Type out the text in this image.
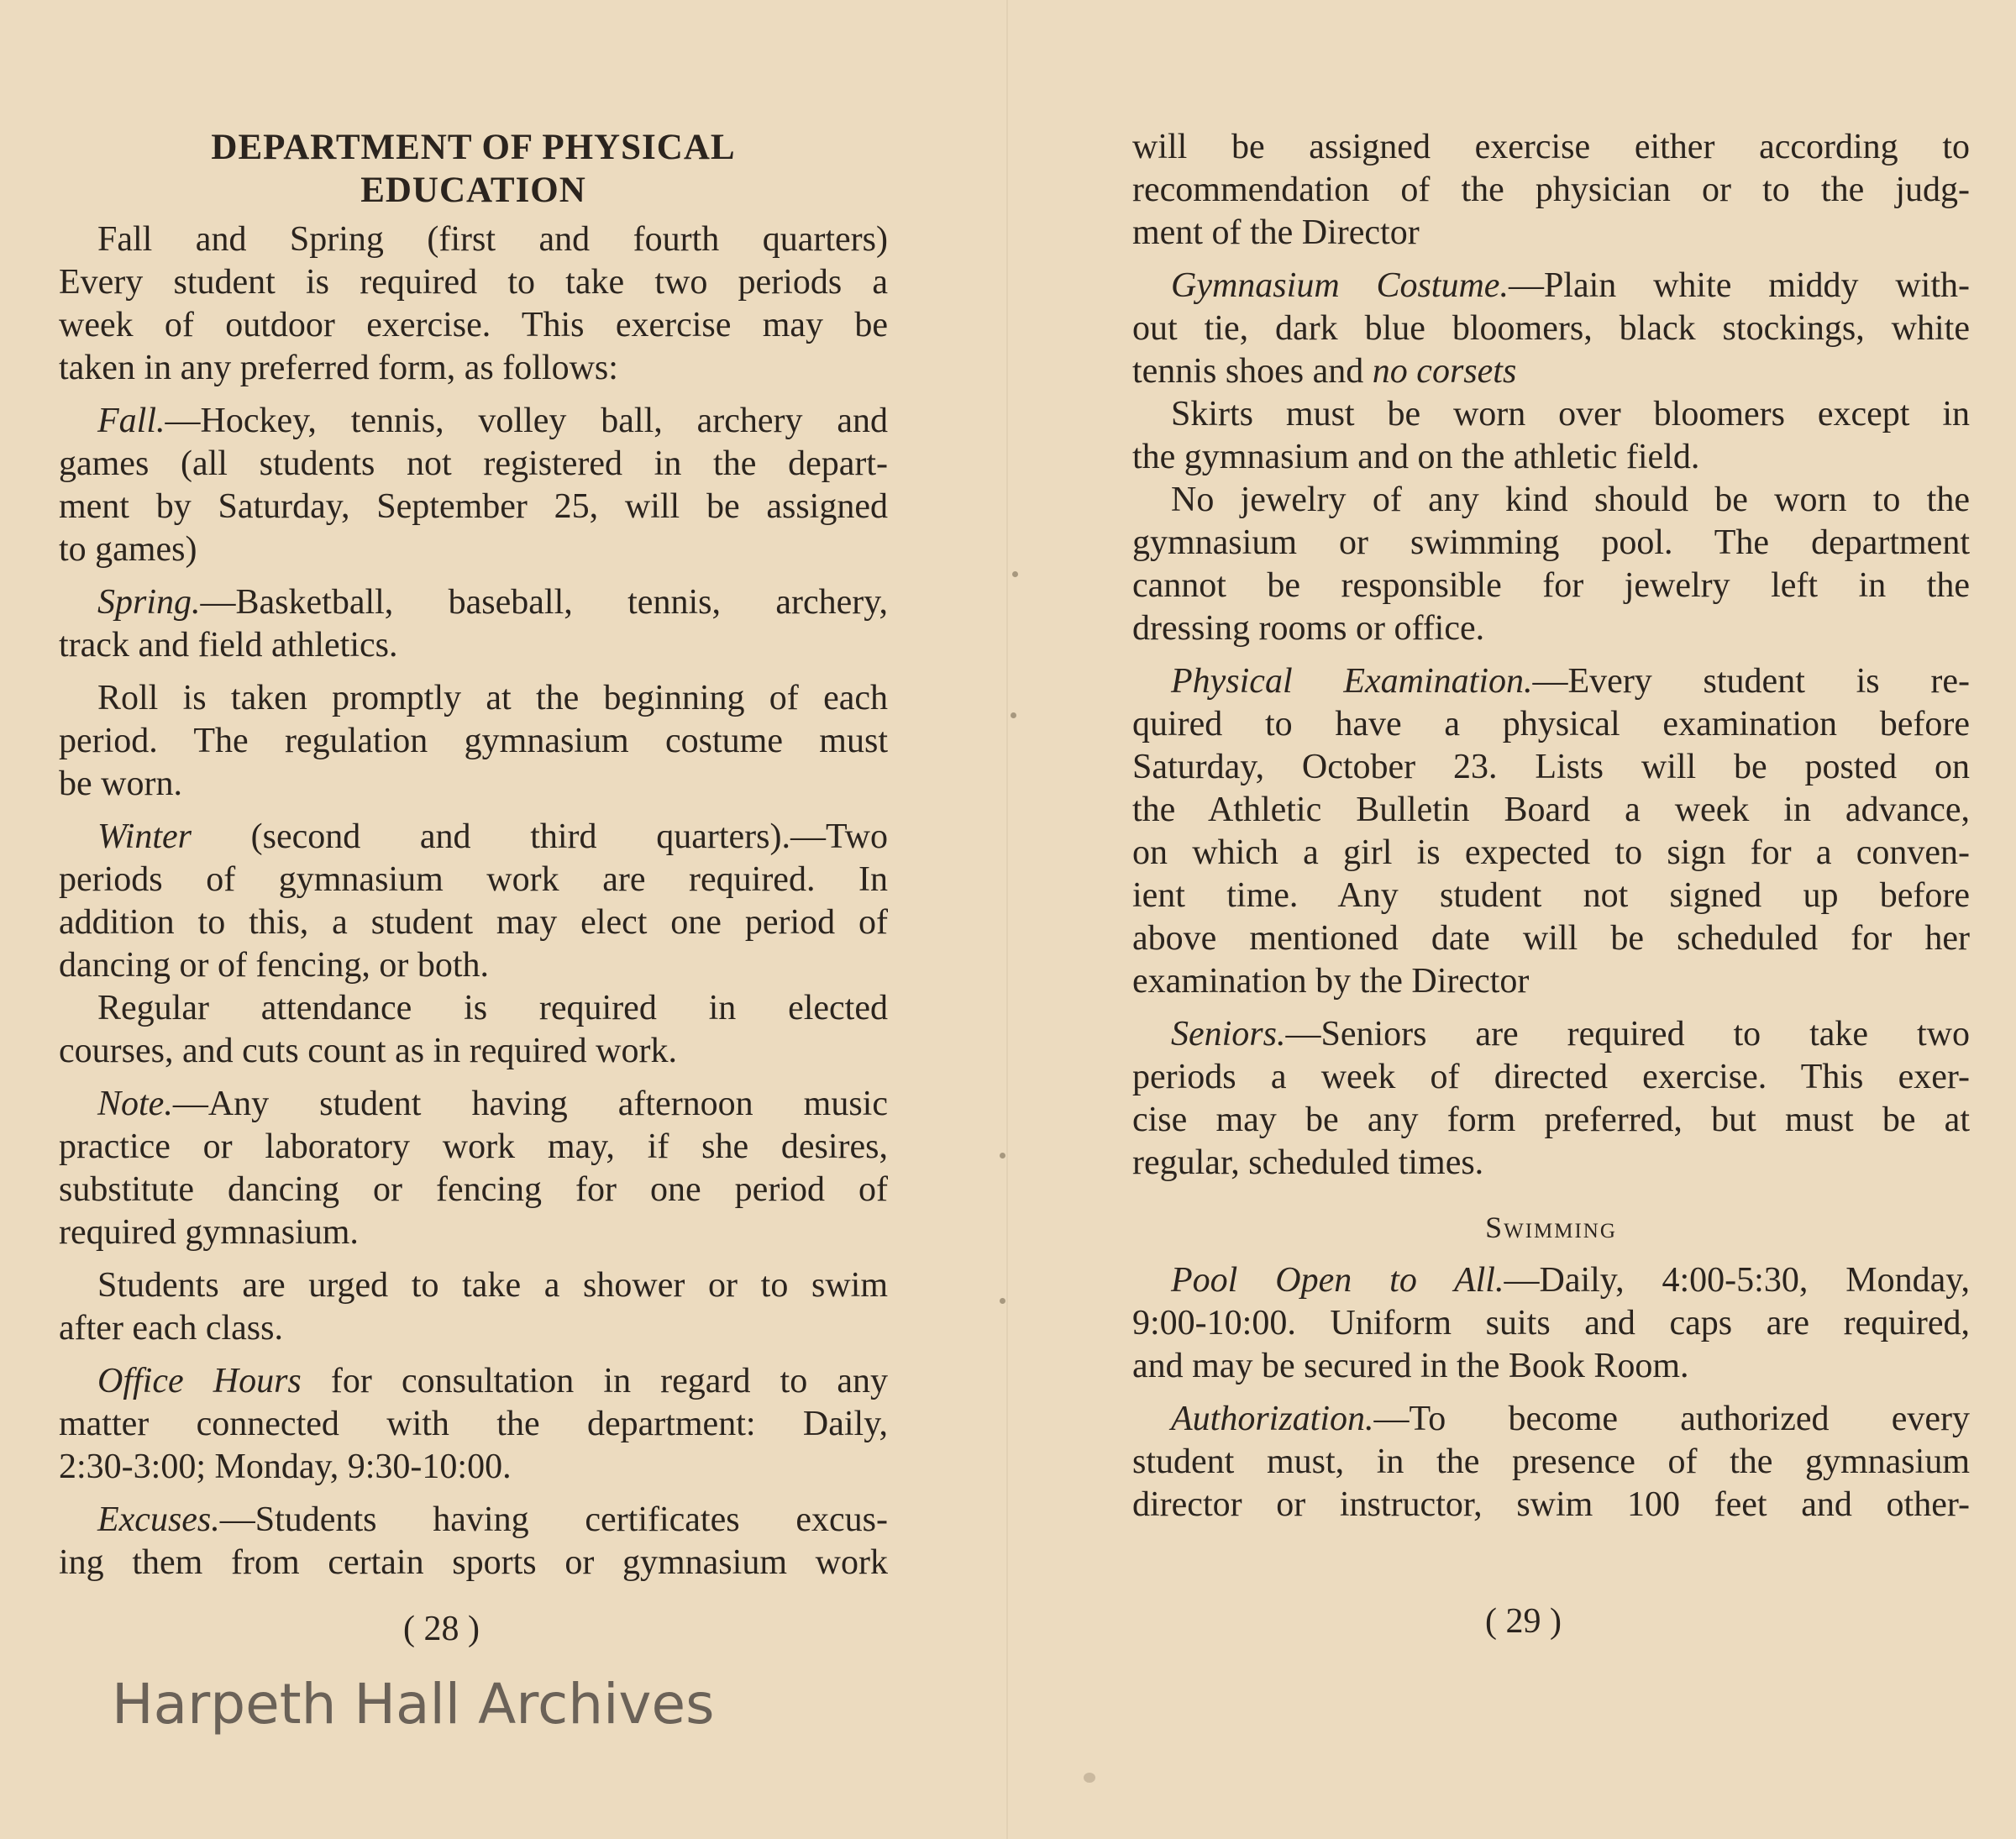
DEPARTMENT OF PHYSICAL
EDUCATION
Fall and Spring (first and fourth quarters)
Every student is required to take two periods a
week of outdoor exercise. This exercise may be
taken in any preferred form, as follows:
Fall.—Hockey, tennis, volley ball, archery and
games (all students not registered in the depart-
ment by Saturday, September 25, will be assigned
to games)
Spring.—Basketball, baseball, tennis, archery,
track and field athletics.
Roll is taken promptly at the beginning of each
period. The regulation gymnasium costume must
be worn.
Winter (second and third quarters).—Two
periods of gymnasium work are required. In
addition to this, a student may elect one period of
dancing or of fencing, or both.
Regular attendance is required in elected
courses, and cuts count as in required work.
Note.—Any student having afternoon music
practice or laboratory work may, if she desires,
substitute dancing or fencing for one period of
required gymnasium.
Students are urged to take a shower or to swim
after each class.
Office Hours for consultation in regard to any
matter connected with the department: Daily,
2:30-3:00; Monday, 9:30-10:00.
Excuses.—Students having certificates excus-
ing them from certain sports or gymnasium work
( 28 )
will be assigned exercise either according to
recommendation of the physician or to the judg-
ment of the Director
Gymnasium Costume.—Plain white middy with-
out tie, dark blue bloomers, black stockings, white
tennis shoes and no corsets
Skirts must be worn over bloomers except in
the gymnasium and on the athletic field.
No jewelry of any kind should be worn to the
gymnasium or swimming pool. The department
cannot be responsible for jewelry left in the
dressing rooms or office.
Physical Examination.—Every student is re-
quired to have a physical examination before
Saturday, October 23. Lists will be posted on
the Athletic Bulletin Board a week in advance,
on which a girl is expected to sign for a conven-
ient time. Any student not signed up before
above mentioned date will be scheduled for her
examination by the Director
Seniors.—Seniors are required to take two
periods a week of directed exercise. This exer-
cise may be any form preferred, but must be at
regular, scheduled times.
Swimming
Pool Open to All.—Daily, 4:00-5:30, Monday,
9:00-10:00. Uniform suits and caps are required,
and may be secured in the Book Room.
Authorization.—To become authorized every
student must, in the presence of the gymnasium
director or instructor, swim 100 feet and other-
( 29 )
Harpeth Hall Archives
